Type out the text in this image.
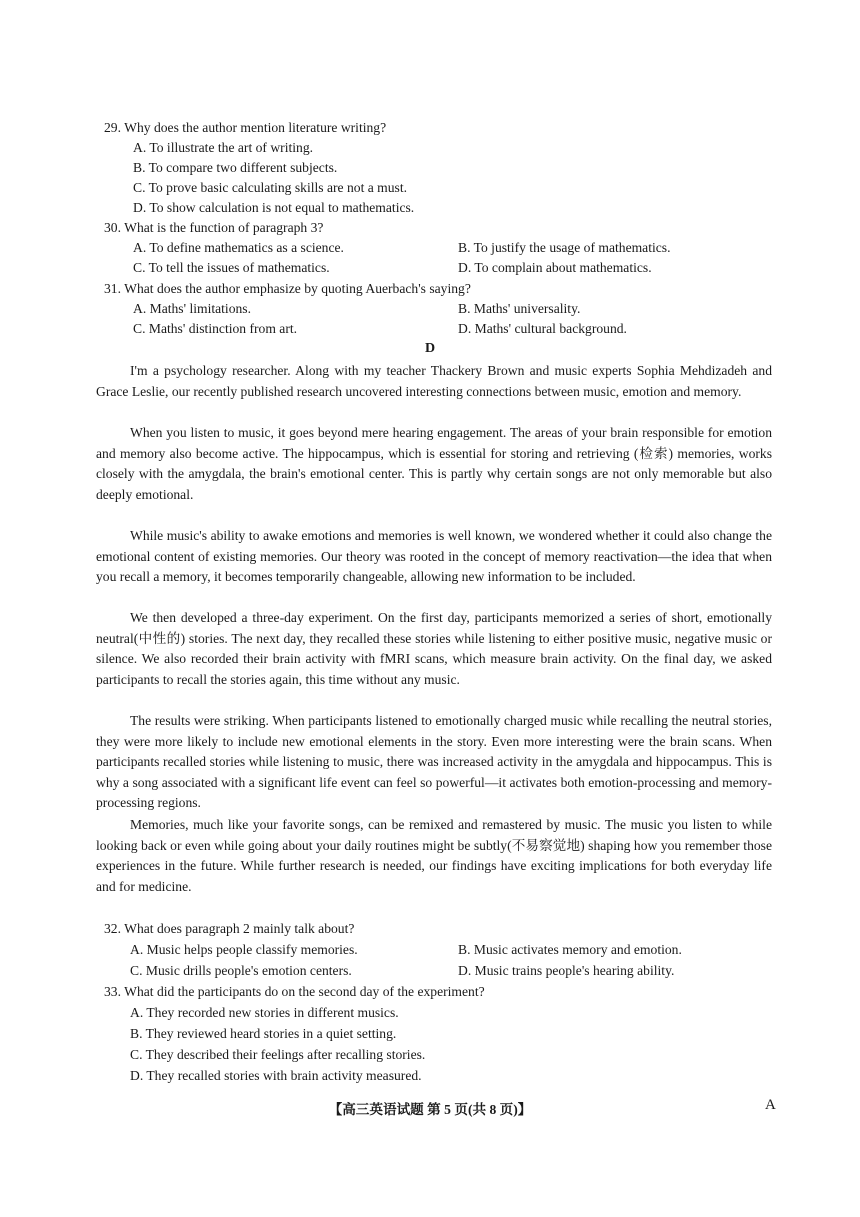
29. Why does the author mention literature writing?
A. To illustrate the art of writing.
B. To compare two different subjects.
C. To prove basic calculating skills are not a must.
D. To show calculation is not equal to mathematics.
30. What is the function of paragraph 3?
A. To define mathematics as a science.	B. To justify the usage of mathematics.
C. To tell the issues of mathematics.	D. To complain about mathematics.
31. What does the author emphasize by quoting Auerbach's saying?
A. Maths' limitations.	B. Maths' universality.
C. Maths' distinction from art.	D. Maths' cultural background.
D

I'm a psychology researcher. Along with my teacher Thackery Brown and music experts Sophia Mehdizadeh and Grace Leslie, our recently published research uncovered interesting connections between music, emotion and memory.

When you listen to music, it goes beyond mere hearing engagement. The areas of your brain responsible for emotion and memory also become active. The hippocampus, which is essential for storing and retrieving (检索) memories, works closely with the amygdala, the brain's emotional center. This is partly why certain songs are not only memorable but also deeply emotional.

While music's ability to awake emotions and memories is well known, we wondered whether it could also change the emotional content of existing memories. Our theory was rooted in the concept of memory reactivation—the idea that when you recall a memory, it becomes temporarily changeable, allowing new information to be included.

We then developed a three-day experiment. On the first day, participants memorized a series of short, emotionally neutral(中性的) stories. The next day, they recalled these stories while listening to either positive music, negative music or silence. We also recorded their brain activity with fMRI scans, which measure brain activity. On the final day, we asked participants to recall the stories again, this time without any music.

The results were striking. When participants listened to emotionally charged music while recalling the neutral stories, they were more likely to include new emotional elements in the story. Even more interesting were the brain scans. When participants recalled stories while listening to music, there was increased activity in the amygdala and hippocampus. This is why a song associated with a significant life event can feel so powerful—it activates both emotion-processing and memory-processing regions.

Memories, much like your favorite songs, can be remixed and remastered by music. The music you listen to while looking back or even while going about your daily routines might be subtly(不易察觉地) shaping how you remember those experiences in the future. While further research is needed, our findings have exciting implications for both everyday life and for medicine.

32. What does paragraph 2 mainly talk about?
A. Music helps people classify memories.	B. Music activates memory and emotion.
C. Music drills people's emotion centers.	D. Music trains people's hearing ability.
33. What did the participants do on the second day of the experiment?
A. They recorded new stories in different musics.
B. They reviewed heard stories in a quiet setting.
C. They described their feelings after recalling stories.
D. They recalled stories with brain activity measured.
【高三英语试题 第 5 页(共 8 页)】	A
